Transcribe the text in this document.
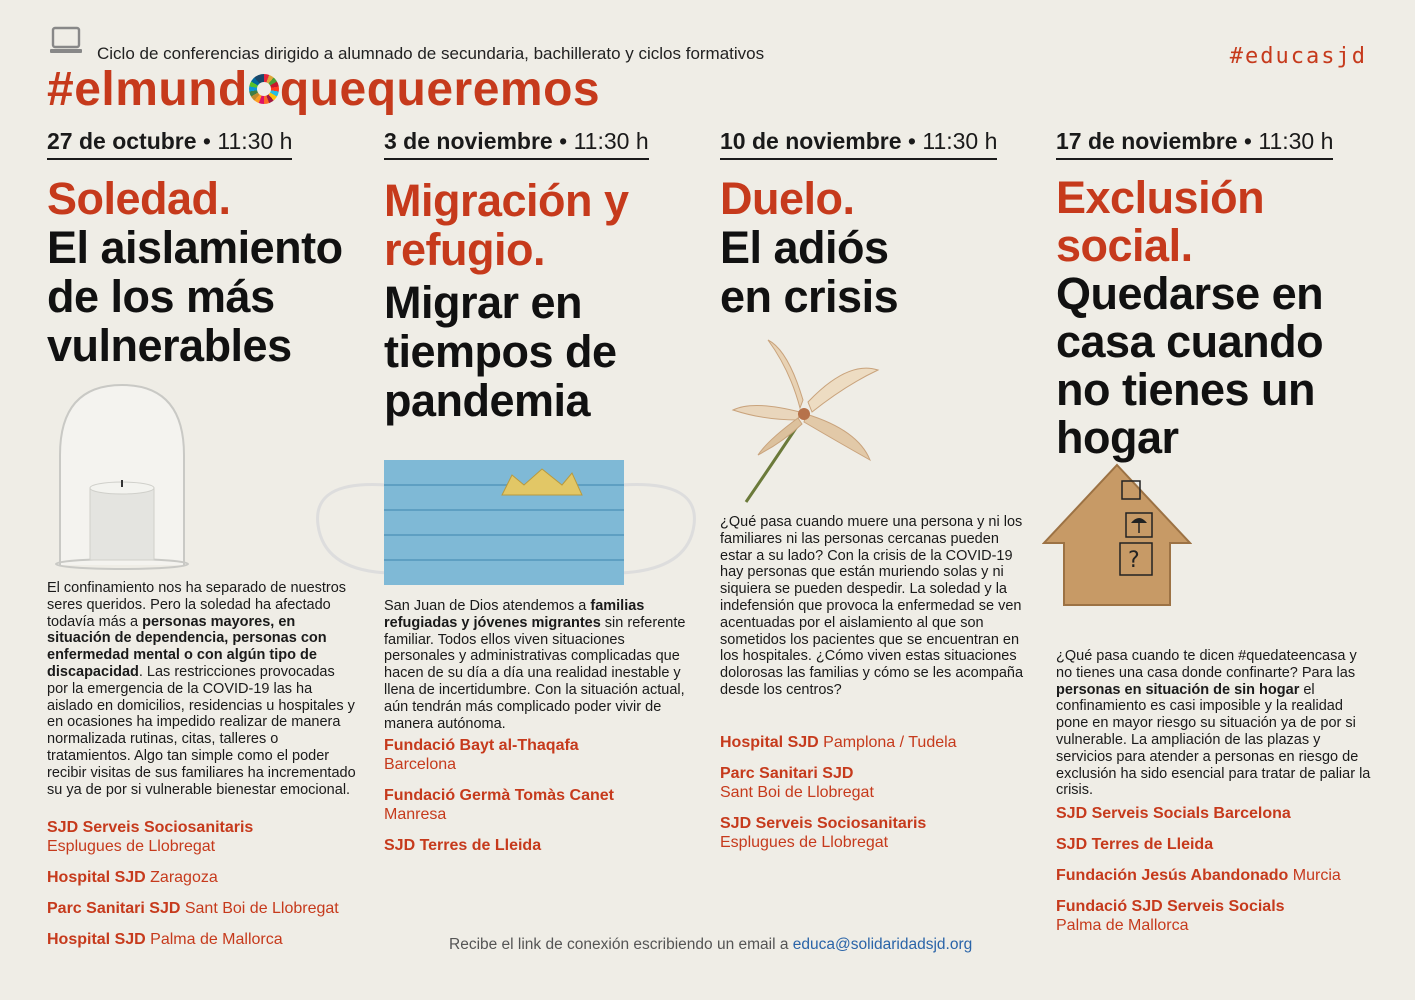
Ciclo de conferencias dirigido a alumnado de secundaria, bachillerato y ciclos formativos
#elmund quequeremos
#educasjd
27 de octubre • 11:30 h
Soledad.
El aislamiento de los más vulnerables
El confinamiento nos ha separado de nuestros seres queridos. Pero la soledad ha afectado todavía más a personas mayores, en situación de dependencia, personas con enfermedad mental o con algún tipo de discapacidad. Las restricciones provocadas por la emergencia de la COVID-19 las ha aislado en domicilios, residencias u hospitales y en ocasiones ha impedido realizar de manera normalizada rutinas, citas, talleres o tratamientos. Algo tan simple como el poder recibir visitas de sus familiares ha incrementado su ya de por si vulnerable bienestar emocional.
SJD Serveis Sociosanitaris
Esplugues de Llobregat
Hospital SJD Zaragoza
Parc Sanitari SJD Sant Boi de Llobregat
Hospital SJD Palma de Mallorca
3 de noviembre • 11:30 h
Migración y refugio.
Migrar en tiempos de pandemia
San Juan de Dios atendemos a familias refugiadas y jóvenes migrantes sin referente familiar. Todos ellos viven situaciones personales y administrativas complicadas que hacen de su día a día una realidad inestable y llena de incertidumbre. Con la situación actual, aún tendrán más complicado poder vivir de manera autónoma.
Fundació Bayt al-Thaqafa
Barcelona
Fundació Germà Tomàs Canet
Manresa
SJD Terres de Lleida
10 de noviembre • 11:30 h
Duelo.
El adiós en crisis
¿Qué pasa cuando muere una persona y ni los familiares ni las personas cercanas pueden estar a su lado? Con la crisis de la COVID-19 hay personas que están muriendo solas y ni siquiera se pueden despedir. La soledad y la indefensión que provoca la enfermedad se ven acentuadas por el aislamiento al que son sometidos los pacientes que se encuentran en los hospitales. ¿Cómo viven estas situaciones dolorosas las familias y cómo se les acompaña desde los centros?
Hospital SJD Pamplona / Tudela
Parc Sanitari SJD
Sant Boi de Llobregat
SJD Serveis Sociosanitaris
Esplugues de Llobregat
17 de noviembre • 11:30 h
Exclusión social.
Quedarse en casa cuando no tienes un hogar
?
¿Qué pasa cuando te dicen #quedateencasa y no tienes una casa donde confinarte? Para las personas en situación de sin hogar el confinamiento es casi imposible y la realidad pone en mayor riesgo su situación ya de por si vulnerable. La ampliación de las plazas y servicios para atender a personas en riesgo de exclusión ha sido esencial para tratar de paliar la crisis.
SJD Serveis Socials Barcelona
SJD Terres de Lleida
Fundación Jesús Abandonado Murcia
Fundació SJD Serveis Socials
Palma de Mallorca
Recibe el link de conexión escribiendo un email a educa@solidaridadsjd.org
